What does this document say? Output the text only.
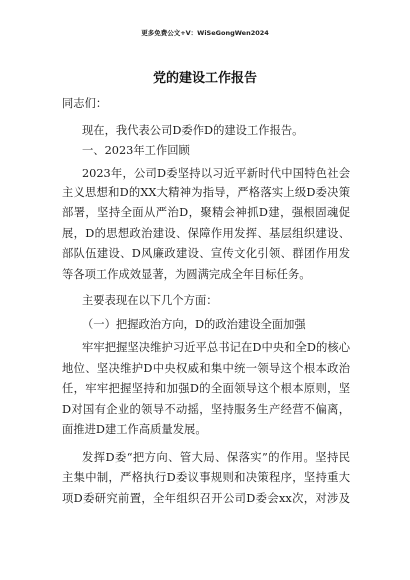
更多免费公文+V：WiSeGongWen2024
党的建设工作报告
同志们：
现在，我代表公司D委作D的建设工作报告。
一、2023年工作回顾
2023年，公司D委坚持以习近平新时代中国特色社会
主义思想和D的XX大精神为指导，严格落实上级D委决策
部署，坚持全面从严治D，聚精会神抓D建，强根固魂促
展，D的思想政治建设、保障作用发挥、基层组织建设、
部队伍建设、D风廉政建设、宣传文化引领、群团作用发
等各项工作成效显著，为圆满完成全年目标任务。
主要表现在以下几个方面：
（一）把握政治方向，D的政治建设全面加强
牢牢把握坚决维护习近平总书记在D中央和全D的核心
地位、坚决维护D中央权威和集中统一领导这个根本政治
任，牢牢把握坚持和加强D的全面领导这个根本原则，坚
D对国有企业的领导不动摇，坚持服务生产经营不偏离，
面推进D建工作高质量发展。
发挥D委“把方向、管大局、保落实”的作用。坚持民
主集中制，严格执行D委议事规则和决策程序，坚持重大
项D委研究前置，全年组织召开公司D委会xx次，对涉及
